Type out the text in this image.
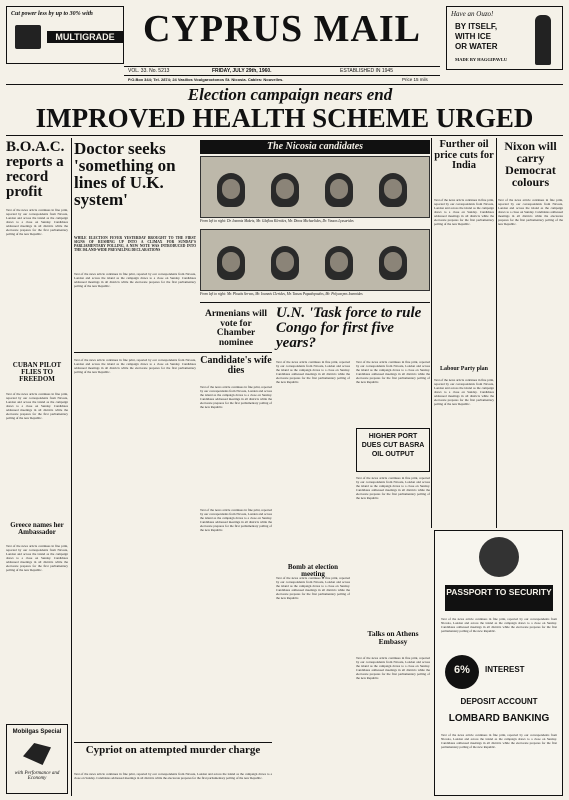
Cut power less by up to 30% with
MULTIGRADE CYPRUS MAIL	Have an Ouzo!
BY ITSELF,
WITH ICE
OR WATER
MADE BY HAGGIPAVLU
VOL. 33. No. 5213	FRIDAY, JULY 29th, 1960.	ESTABLISHED IN 1945
P.O.Box 344; Tel. 2874; 24 Vasilios Voulgaroctonos St. Nicosia. Cables: Nouvelles.	Price 15 mils
Election campaign nears end
IMPROVED HEALTH SCHEME URGED
B.O.A.C. reports a record profit
Text of the news article continues in fine print, reported by our correspondents from Nicosia, London and across the island as the campaign draws to a close on Sunday. Candidates addressed meetings in all districts while the electorate prepares for the first parliamentary polling of the new Republic.
CUBAN PILOT FLIES TO FREEDOM
Text of the news article continues in fine print, reported by our correspondents from Nicosia, London and across the island as the campaign draws to a close on Sunday. Candidates addressed meetings in all districts while the electorate prepares for the first parliamentary polling of the new Republic.
Greece names her Ambassador
Text of the news article continues in fine print, reported by our correspondents from Nicosia, London and across the island as the campaign draws to a close on Sunday. Candidates addressed meetings in all districts while the electorate prepares for the first parliamentary polling of the new Republic.
Mobilgas Special
with Performance and Economy
Doctor seeks 'something on lines of U.K. system'
WHILE ELECTION FEVER YESTERDAY BROUGHT TO THE FIRST SIGNS OF RUSHING UP INTO A CLIMAX FOR SUNDAY'S PARLIAMENTARY POLLING, A NEW NOTE WAS INTRODUCED INTO THE ISLAND-WIDE PREVAILING DECLARATIONS
Text of the news article continues in fine print, reported by our correspondents from Nicosia, London and across the island as the campaign draws to a close on Sunday. Candidates addressed meetings in all districts while the electorate prepares for the first parliamentary polling of the new Republic.
Candidate's wife dies
Text of the news article continues in fine print, reported by our correspondents from Nicosia, London and across the island as the campaign draws to a close on Sunday. Candidates addressed meetings in all districts while the electorate prepares for the first parliamentary polling of the new Republic.
Text of the news article continues in fine print, reported by our correspondents from Nicosia, London and across the island as the campaign draws to a close on Sunday. Candidates addressed meetings in all districts while the electorate prepares for the first parliamentary polling of the new Republic.
Text of the news article continues in fine print, reported by our correspondents from Nicosia, London and across the island as the campaign draws to a close on Sunday. Candidates addressed meetings in all districts while the electorate prepares for the first parliamentary polling of the new Republic.
Cypriot on attempted murder charge
Text of the news article continues in fine print, reported by our correspondents from Nicosia, London and across the island as the campaign draws to a close on Sunday. Candidates addressed meetings in all districts while the electorate prepares for the first parliamentary polling of the new Republic.
The Nicosia candidates
From left to right: Dr. Ioannis Makris, Mr. Glafkos Klerides, Mr. Dinos Michaelides, Dr. Vassos Lyssarides
From left to right: Mr. Ploutis Servas, Mr. Ioannis Clerides, Mr. Tassos Papadopoulos, Mr. Polycarpos Ioannides
U.N. 'Task force to rule Congo for first five years?
Armenians will vote for Chamber nominee
Text of the news article continues in fine print, reported by our correspondents from Nicosia, London and across the island as the campaign draws to a close on Sunday. Candidates addressed meetings in all districts while the electorate prepares for the first parliamentary polling of the new Republic.
Text of the news article continues in fine print, reported by our correspondents from Nicosia, London and across the island as the campaign draws to a close on Sunday. Candidates addressed meetings in all districts while the electorate prepares for the first parliamentary polling of the new Republic.
HIGHER PORT DUES CUT BASRA OIL OUTPUT
Text of the news article continues in fine print, reported by our correspondents from Nicosia, London and across the island as the campaign draws to a close on Sunday. Candidates addressed meetings in all districts while the electorate prepares for the first parliamentary polling of the new Republic.
Bomb at election meeting
Text of the news article continues in fine print, reported by our correspondents from Nicosia, London and across the island as the campaign draws to a close on Sunday. Candidates addressed meetings in all districts while the electorate prepares for the first parliamentary polling of the new Republic.
Talks on Athens Embassy
Text of the news article continues in fine print, reported by our correspondents from Nicosia, London and across the island as the campaign draws to a close on Sunday. Candidates addressed meetings in all districts while the electorate prepares for the first parliamentary polling of the new Republic.
Further oil price cuts for India
Text of the news article continues in fine print, reported by our correspondents from Nicosia, London and across the island as the campaign draws to a close on Sunday. Candidates addressed meetings in all districts while the electorate prepares for the first parliamentary polling of the new Republic.
Labour Party plan
Text of the news article continues in fine print, reported by our correspondents from Nicosia, London and across the island as the campaign draws to a close on Sunday. Candidates addressed meetings in all districts while the electorate prepares for the first parliamentary polling of the new Republic.
Nixon will carry Democrat colours
Text of the news article continues in fine print, reported by our correspondents from Nicosia, London and across the island as the campaign draws to a close on Sunday. Candidates addressed meetings in all districts while the electorate prepares for the first parliamentary polling of the new Republic.
PASSPORT TO SECURITY
Text of the news article continues in fine print, reported by our correspondents from Nicosia, London and across the island as the campaign draws to a close on Sunday. Candidates addressed meetings in all districts while the electorate prepares for the first parliamentary polling of the new Republic.
6%	INTEREST
DEPOSIT ACCOUNT
LOMBARD BANKING
Text of the news article continues in fine print, reported by our correspondents from Nicosia, London and across the island as the campaign draws to a close on Sunday. Candidates addressed meetings in all districts while the electorate prepares for the first parliamentary polling of the new Republic.
